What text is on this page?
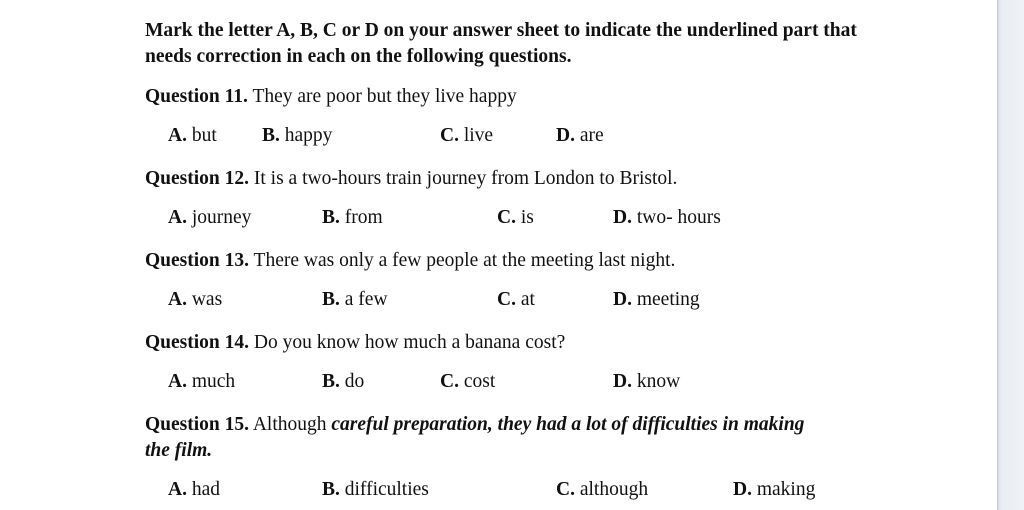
Mark the letter A, B, C or D on your answer sheet to indicate the underlined part that needs correction in each on the following questions.
Question 11. They are poor but they live happy
A. but B. happy	C. live	D. are
Question 12. It is a two-hours train journey from London to Bristol.
A. journey	B. from	C. is	D. two- hours
Question 13. There was only a few people at the meeting last night.
A. was	B. a few	C. at	D. meeting
Question 14. Do you know how much a banana cost?
A. much	B. do	C. cost	D. know
Question 15. Although careful preparation, they had a lot of difficulties in making the film.
A. had	B. difficulties	C. although	D. making
